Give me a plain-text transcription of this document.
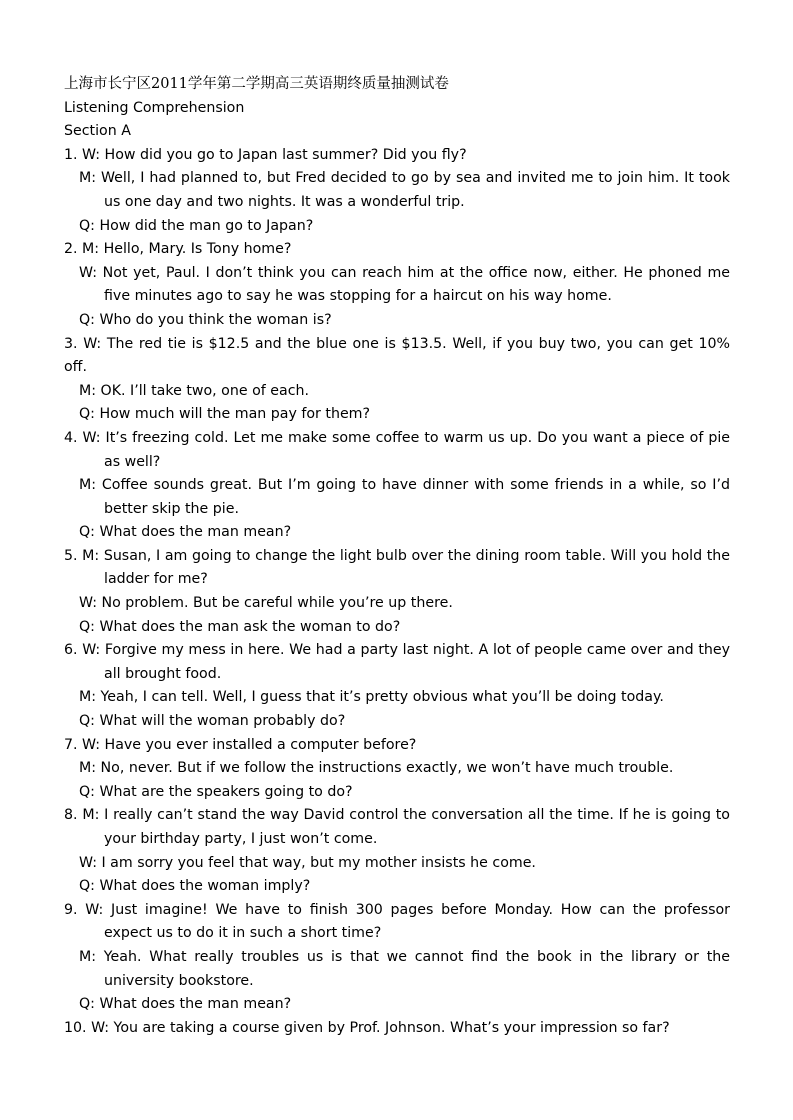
上海市长宁区2011学年第二学期高三英语期终质量抽测试卷

Listening Comprehension

Section A

1. W: How did you go to Japan last summer? Did you fly?

M: Well, I had planned to, but Fred decided to go by sea and invited me to join him. It took us one day and two nights. It was a wonderful trip.

Q: How did the man go to Japan?

2. M: Hello, Mary. Is Tony home?

W: Not yet, Paul. I don’t think you can reach him at the office now, either. He phoned me five minutes ago to say he was stopping for a haircut on his way home.

Q: Who do you think the woman is?

3. W: The red tie is $12.5 and the blue one is $13.5. Well, if you buy two, you can get 10% off.

M: OK. I’ll take two, one of each.

Q: How much will the man pay for them?

4. W: It’s freezing cold. Let me make some coffee to warm us up. Do you want a piece of pie as well?

M: Coffee sounds great. But I’m going to have dinner with some friends in a while, so I’d better skip the pie.

Q: What does the man mean?

5. M: Susan, I am going to change the light bulb over the dining room table. Will you hold the ladder for me?

W: No problem. But be careful while you’re up there.

Q: What does the man ask the woman to do?

6. W: Forgive my mess in here. We had a party last night. A lot of people came over and they all brought food.

M: Yeah, I can tell. Well, I guess that it’s pretty obvious what you’ll be doing today.

Q: What will the woman probably do?

7. W: Have you ever installed a computer before?

M: No, never. But if we follow the instructions exactly, we won’t have much trouble.

Q: What are the speakers going to do?

8. M: I really can’t stand the way David control the conversation all the time. If he is going to your birthday party, I just won’t come.

W: I am sorry you feel that way, but my mother insists he come.

Q: What does the woman imply?

9. W: Just imagine! We have to finish 300 pages before Monday. How can the professor expect us to do it in such a short time?

M: Yeah. What really troubles us is that we cannot find the book in the library or the university bookstore.

Q: What does the man mean?

10. W: You are taking a course given by Prof. Johnson. What’s your impression so far?
